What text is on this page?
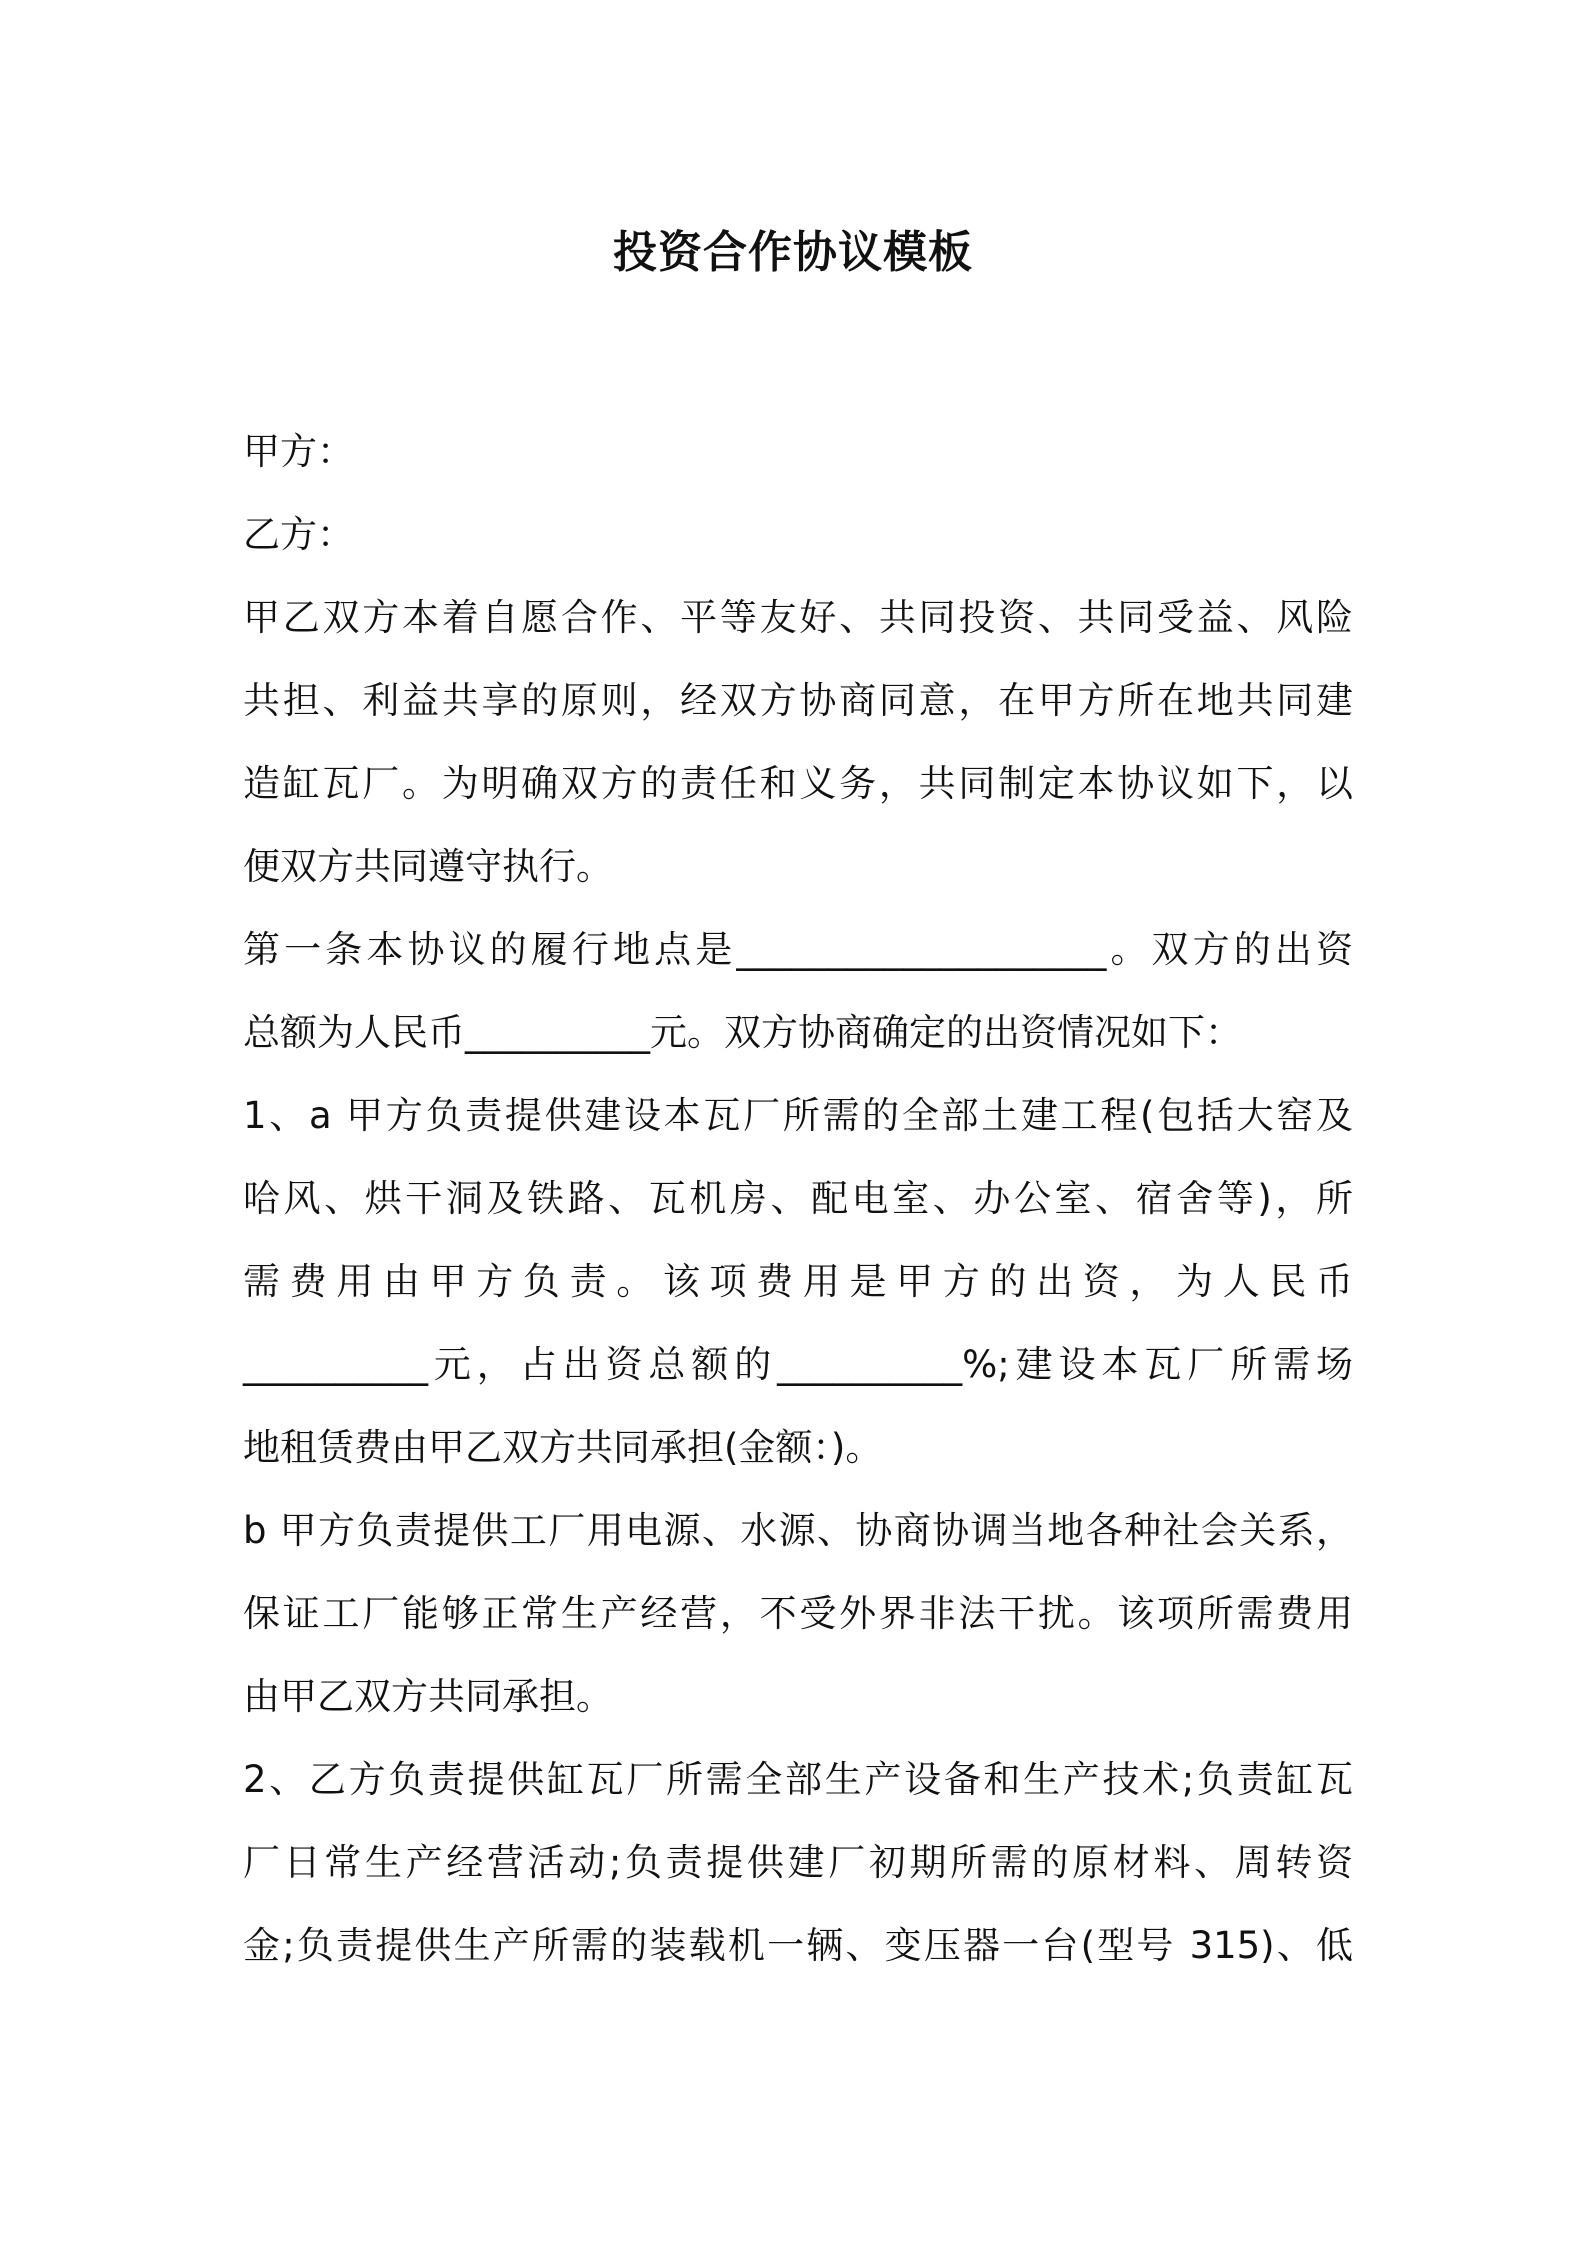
投资合作协议模板
甲方：
乙方：
甲乙双方本着自愿合作、平等友好、共同投资、共同受益、风险
共担、利益共享的原则，经双方协商同意，在甲方所在地共同建
造缸瓦厂。为明确双方的责任和义务，共同制定本协议如下，以
便双方共同遵守执行。
第一条本协议的履行地点是____________________。双方的出资
总额为人民币__________元。双方协商确定的出资情况如下：
1、a 甲方负责提供建设本瓦厂所需的全部土建工程(包括大窑及
哈风、烘干洞及铁路、瓦机房、配电室、办公室、宿舍等)，所
需费用由甲方负责。该项费用是甲方的出资，为人民币
__________元，占出资总额的__________%;建设本瓦厂所需场
地租赁费由甲乙双方共同承担(金额：)。
b 甲方负责提供工厂用电源、水源、协商协调当地各种社会关系，
保证工厂能够正常生产经营，不受外界非法干扰。该项所需费用
由甲乙双方共同承担。
2、乙方负责提供缸瓦厂所需全部生产设备和生产技术;负责缸瓦
厂日常生产经营活动;负责提供建厂初期所需的原材料、周转资
金;负责提供生产所需的装载机一辆、变压器一台(型号 315)、低
